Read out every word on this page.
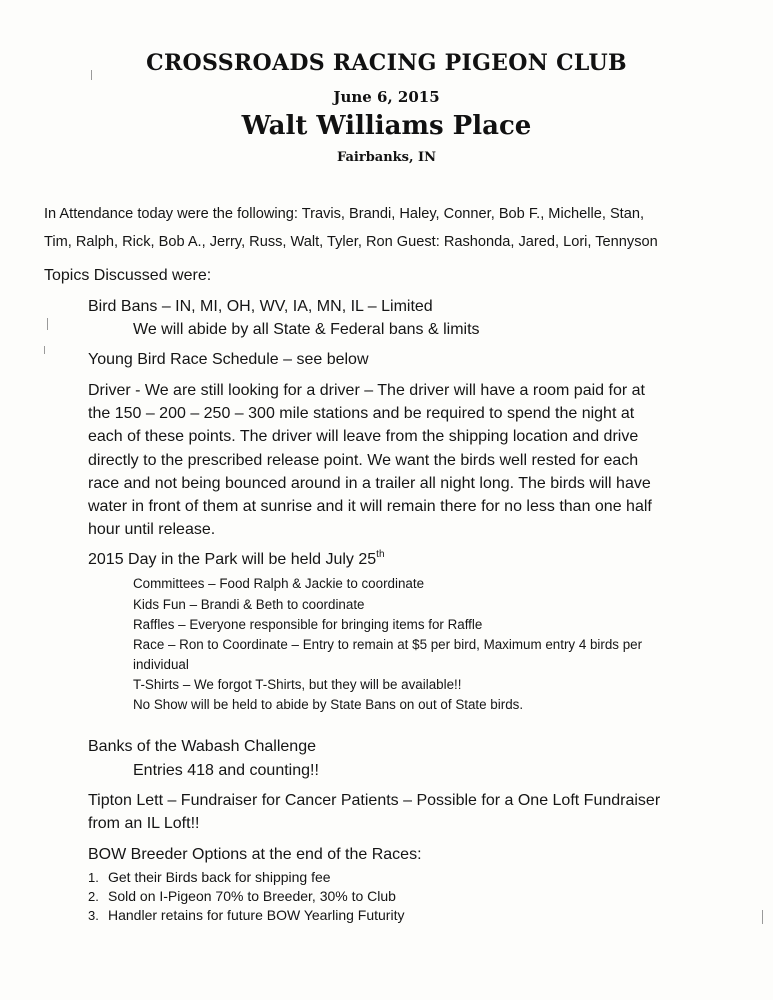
CROSSROADS RACING PIGEON CLUB
June 6, 2015
Walt Williams Place
Fairbanks, IN
In Attendance today were the following: Travis, Brandi, Haley, Conner, Bob F., Michelle, Stan,
Tim, Ralph, Rick, Bob A., Jerry, Russ, Walt, Tyler, Ron Guest: Rashonda, Jared, Lori, Tennyson
Topics Discussed were:
Bird Bans – IN, MI, OH, WV, IA, MN, IL – Limited
We will abide by all State & Federal bans & limits
Young Bird Race Schedule – see below
Driver - We are still looking for a driver – The driver will have a room paid for at
the 150 – 200 – 250 – 300 mile stations and be required to spend the night at
each of these points. The driver will leave from the shipping location and drive
directly to the prescribed release point. We want the birds well rested for each
race and not being bounced around in a trailer all night long. The birds will have
water in front of them at sunrise and it will remain there for no less than one half
hour until release.
2015 Day in the Park will be held July 25th
Committees – Food Ralph & Jackie to coordinate
Kids Fun – Brandi & Beth to coordinate
Raffles – Everyone responsible for bringing items for Raffle
Race – Ron to Coordinate – Entry to remain at $5 per bird, Maximum entry 4 birds per
individual
T-Shirts – We forgot T-Shirts, but they will be available!!
No Show will be held to abide by State Bans on out of State birds.
Banks of the Wabash Challenge
Entries 418 and counting!!
Tipton Lett – Fundraiser for Cancer Patients – Possible for a One Loft Fundraiser
from an IL Loft!!
BOW Breeder Options at the end of the Races:
1. Get their Birds back for shipping fee
2. Sold on I-Pigeon 70% to Breeder, 30% to Club
3. Handler retains for future BOW Yearling Futurity
